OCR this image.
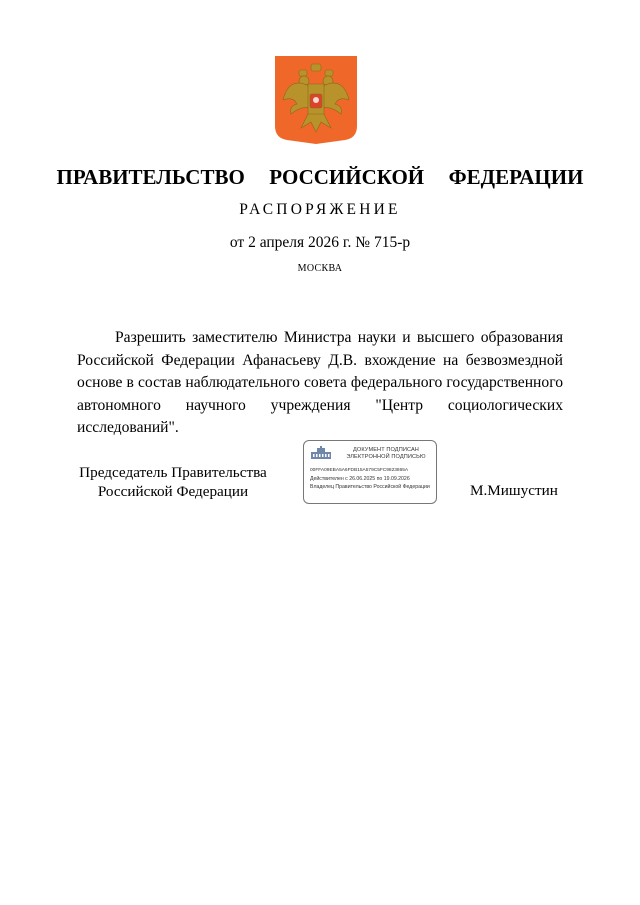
ПРАВИТЕЛЬСТВО  РОССИЙСКОЙ  ФЕДЕРАЦИИ
РАСПОРЯЖЕНИЕ
от 2 апреля 2026 г. № 715-р
МОСКВА

Разрешить заместителю Министра науки и высшего образования Российской Федерации Афанасьеву Д.В. вхождение на безвозмездной основе в состав наблюдательного совета федерального государственного автономного научного учреждения "Центр социологических исследований".

Председатель Правительства
Российской Федерации
ДОКУМЕНТ ПОДПИСАН
ЭЛЕКТРОННОЙ ПОДПИСЬЮ
00FFA09EBA5A6FDB15A579C5FC9823865A
Действителен с 26.06.2025 по 19.09.2026
Владелец Правительство Российской Федерации	М.Мишустин
